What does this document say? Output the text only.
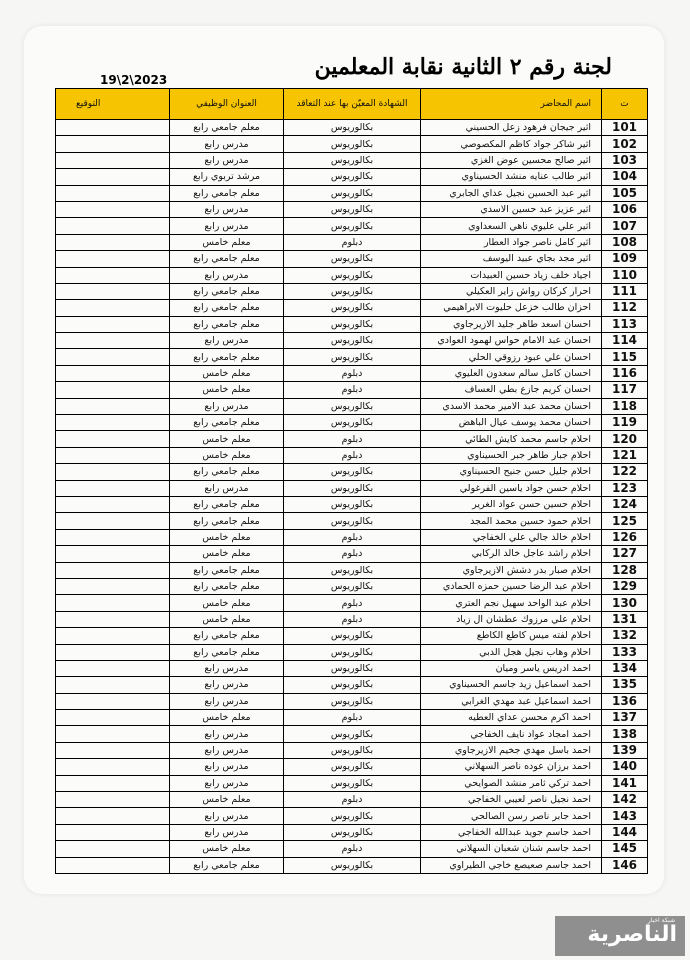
لجنة رقم ٢ الثانية نقابة المعلمين
19\2\2023
ت	اسم المحاضر	الشهادة المعيّن بها عند التعاقد	العنوان الوظيفي	التوقيع
101	اثير جيجان فرهود زعل الحسيني	بكالوريوس	معلم جامعي رابع	
102	اثير شاكر جواد كاظم المكصوصي	بكالوريوس	مدرس رابع	
103	اثير صالح محسين عوض الغزي	بكالوريوس	مدرس رابع	
104	اثير طالب عنايه منشد الحسيناوي	بكالوريوس	مرشد تربوي رابع	
105	اثير عبد الحسين نجيل عداي الجابري	بكالوريوس	معلم جامعي رابع	
106	اثير عزيز عبد حسين الاسدي	بكالوريوس	مدرس رابع	
107	اثير علي عليوي ناهي السعداوي	بكالوريوس	مدرس رابع	
108	اثير كامل ناصر جواد العطار	دبلوم	معلم خامس	
109	اثير مجد بجاي عبيد اليوسف	بكالوريوس	معلم جامعي رابع	
110	اجياد خلف زياد حسين العبيدات	بكالوريوس	مدرس رابع	
111	احرار كركان رواش زاير العكيلي	بكالوريوس	معلم جامعي رابع	
112	احزان طالب خزعل حليوت الابراهيمي	بكالوريوس	معلم جامعي رابع	
113	احسان اسعد طاهر جليد الازيرجاوي	بكالوريوس	معلم جامعي رابع	
114	احسان عبد الامام حواس لهمود العوادي	بكالوريوس	مدرس رابع	
115	احسان علي عبود رزوقي الحلي	بكالوريوس	معلم جامعي رابع	
116	احسان كامل سالم سعدون العليوي	دبلوم	معلم خامس	
117	احسان كريم جازع بطي العساف	دبلوم	معلم خامس	
118	احسان محمد عبد الامير محمد الاسدي	بكالوريوس	مدرس رابع	
119	احسان محمد يوسف عيال الباهض	بكالوريوس	معلم جامعي رابع	
120	احلام جاسم محمد كايش الطائي	دبلوم	معلم خامس	
121	احلام جبار طاهر جبر الحسيناوي	دبلوم	معلم خامس	
122	احلام جليل حسن جنيح الحسيناوي	بكالوريوس	معلم جامعي رابع	
123	احلام حسن جواد ياسين الفرغولي	بكالوريوس	مدرس رابع	
124	احلام حسين حسن عواد الغرير	بكالوريوس	معلم جامعي رابع	
125	احلام حمود حسين محمد المجد	بكالوريوس	معلم جامعي رابع	
126	احلام خالد جالي علي الخفاجي	دبلوم	معلم خامس	
127	احلام راشد عاجل خالد الركابي	دبلوم	معلم خامس	
128	احلام صبار بدر دشش الازيرجاوي	بكالوريوس	معلم جامعي رابع	
129	احلام عبد الرضا حسين حمزه الحمادي	بكالوريوس	معلم جامعي رابع	
130	احلام عبد الواحد سهيل نجم العتري	دبلوم	معلم خامس	
131	احلام علي مرزوك عطشان ال زياد	دبلوم	معلم خامس	
132	احلام لفته ميس كاطع الكاطع	بكالوريوس	معلم جامعي رابع	
133	احلام وهاب نجيل هجل الدبي	بكالوريوس	معلم جامعي رابع	
134	احمد ادريس ياسر وميان	بكالوريوس	مدرس رابع	
135	احمد اسماعيل زيد جاسم الحسيناوي	بكالوريوس	مدرس رابع	
136	احمد اسماعيل عبد مهدي الغرابي	بكالوريوس	مدرس رابع	
137	احمد اكرم محسن عداي العطيه	دبلوم	معلم خامس	
138	احمد امجاد عواد نايف الخفاجي	بكالوريوس	مدرس رابع	
139	احمد باسل مهدي جخيم الازيرجاوي	بكالوريوس	مدرس رابع	
140	احمد برزان عوده ناصر السهلاني	بكالوريوس	مدرس رابع	
141	احمد تركي ثامر منشد الصوايحي	بكالوريوس	مدرس رابع	
142	احمد نجيل ناصر لعيبي الخفاجي	دبلوم	معلم خامس	
143	احمد جابر ناصر رسن الصالحي	بكالوريوس	مدرس رابع	
144	احمد جاسم جويد عبدالله الخفاجي	بكالوريوس	مدرس رابع	
145	احمد جاسم شنان شعبان السهلاني	دبلوم	معلم خامس	
146	احمد جاسم صعيصع خاجي الطيراوي	بكالوريوس	معلم جامعي رابع	
شبكة اخبار
الناصرية
